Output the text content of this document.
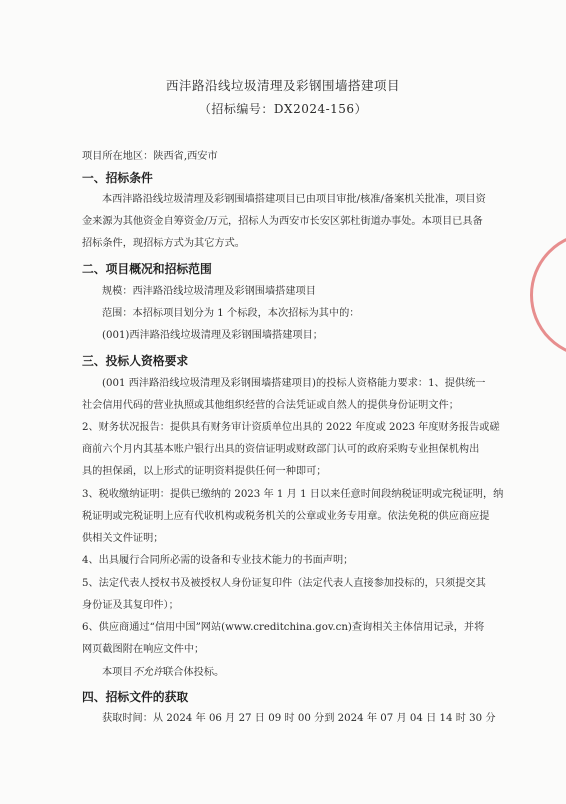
西沣路沿线垃圾清理及彩钢围墙搭建项目
（招标编号：DX2024-156）
项目所在地区：陕西省,西安市
一、招标条件
本西沣路沿线垃圾清理及彩钢围墙搭建项目已由项目审批/核准/备案机关批准，项目资
金来源为其他资金自筹资金/万元，招标人为西安市长安区郭杜街道办事处。本项目已具备
招标条件，现招标方式为其它方式。
二、项目概况和招标范围
规模：西沣路沿线垃圾清理及彩钢围墙搭建项目
范围：本招标项目划分为 1 个标段，本次招标为其中的：
(001)西沣路沿线垃圾清理及彩钢围墙搭建项目；
三、投标人资格要求
(001 西沣路沿线垃圾清理及彩钢围墙搭建项目)的投标人资格能力要求：1、提供统一
社会信用代码的营业执照或其他组织经营的合法凭证或自然人的提供身份证明文件；
2、财务状况报告：提供具有财务审计资质单位出具的 2022 年度或 2023 年度财务报告或磋
商前六个月内其基本账户银行出具的资信证明或财政部门认可的政府采购专业担保机构出
具的担保函，以上形式的证明资料提供任何一种即可；
3、税收缴纳证明：提供已缴纳的 2023 年 1 月 1 日以来任意时间段纳税证明或完税证明，纳
税证明或完税证明上应有代收机构或税务机关的公章或业务专用章。依法免税的供应商应提
供相关文件证明；
4、出具履行合同所必需的设备和专业技术能力的书面声明；
5、法定代表人授权书及被授权人身份证复印件（法定代表人直接参加投标的，只须提交其
身份证及其复印件）；
6、供应商通过“信用中国”网站(www.creditchina.gov.cn)查询相关主体信用记录，并将
网页截图附在响应文件中；
本项目不允许联合体投标。
四、招标文件的获取
获取时间：从 2024 年 06 月 27 日 09 时 00 分到 2024 年 07 月 04 日 14 时 30 分
